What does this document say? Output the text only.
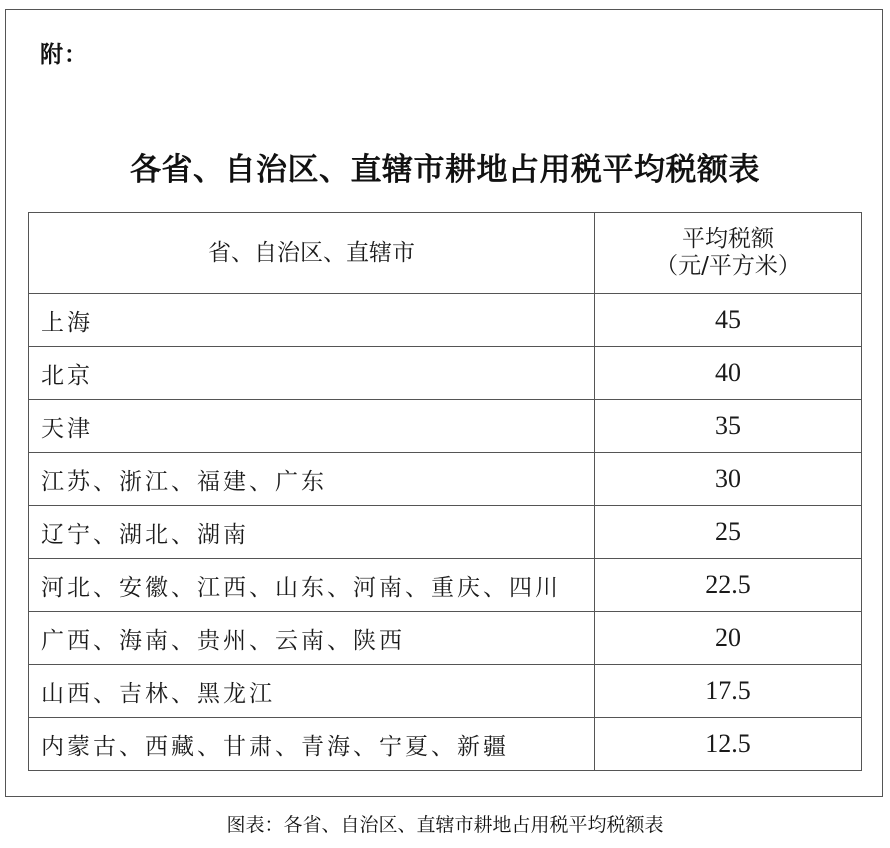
附：
各省、自治区、直辖市耕地占用税平均税额表
省、自治区、直辖市	平均税额
（元/平方米）

上海	45
北京	40
天津	35
江苏、浙江、福建、广东	30
辽宁、湖北、湖南	25
河北、安徽、江西、山东、河南、重庆、四川	22.5
广西、海南、贵州、云南、陕西	20
山西、吉林、黑龙江	17.5
内蒙古、西藏、甘肃、青海、宁夏、新疆	12.5
图表：各省、自治区、直辖市耕地占用税平均税额表
